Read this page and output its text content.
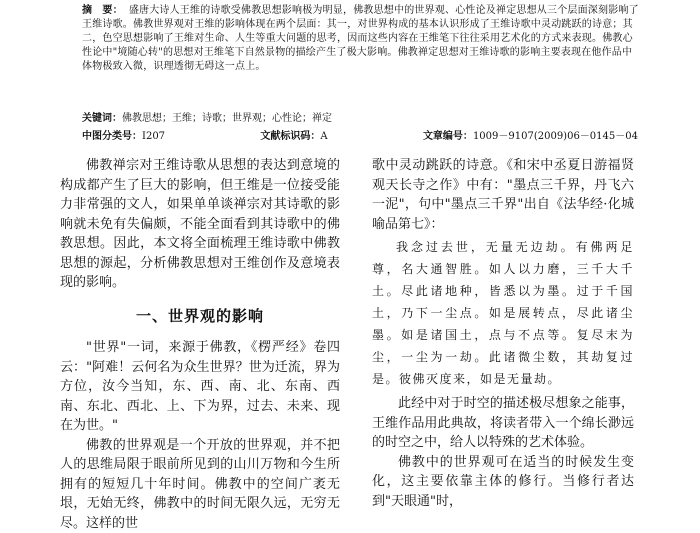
摘　要： 盛唐大诗人王维的诗歌受佛教思想影响极为明显，佛教思想中的世界观、心性论及禅定思想从三个层面深刻影响了王维诗歌。佛教世界观对王维的影响体现在两个层面：其一，对世界构成的基本认识形成了王维诗歌中灵动跳跃的诗意；其二，色空思想影响了王维对生命、人生等重大问题的思考，因而这些内容在王维笔下往往采用艺术化的方式来表现。佛教心性论中"境随心转"的思想对王维笔下自然景物的描绘产生了极大影响。佛教禅定思想对王维诗歌的影响主要表现在他作品中体物极致入微，识理透彻无碍这一点上。
关键词：佛教思想；王维；诗歌；世界观；心性论；禅定
中图分类号：I207	文献标识码：A	文章编号：1009－9107(2009)06－0145－04

佛教禅宗对王维诗歌从思想的表达到意境的构成都产生了巨大的影响，但王维是一位接受能力非常强的文人，如果单单谈禅宗对其诗歌的影响就未免有失偏颇，不能全面看到其诗歌中的佛教思想。因此，本文将全面梳理王维诗歌中佛教思想的源起，分析佛教思想对王维创作及意境表现的影响。

一、世界观的影响

"世界"一词，来源于佛教，《楞严经》卷四云："阿难！云何名为众生世界？世为迁流，界为方位，汝今当知，东、西、南、北、东南、西南、东北、西北、上、下为界，过去、未来、现在为世。"

佛教的世界观是一个开放的世界观，并不把人的思维局限于眼前所见到的山川万物和今生所拥有的短短几十年时间。佛教中的空间广袤无垠，无始无终，佛教中的时间无限久远，无穷无尽。这样的世

歌中灵动跳跃的诗意。《和宋中丞夏日游福贤观天长寺之作》中有："墨点三千界，丹飞六一泥"，句中"墨点三千界"出自《法华经·化城喻品第七》：

我念过去世，无量无边劫。有佛两足尊，名大通智胜。如人以力磨，三千大千土。尽此诸地种，皆悉以为墨。过于千国土，乃下一尘点。如是展转点，尽此诸尘墨。如是诸国土，点与不点等。复尽末为尘，一尘为一劫。此诸微尘数，其劫复过是。彼佛灭度来，如是无量劫。

此经中对于时空的描述极尽想象之能事，王维作品用此典故，将读者带入一个绵长渺远的时空之中，给人以特殊的艺术体验。

佛教中的世界观可在适当的时候发生变化，这主要依靠主体的修行。当修行者达到"天眼通"时，
